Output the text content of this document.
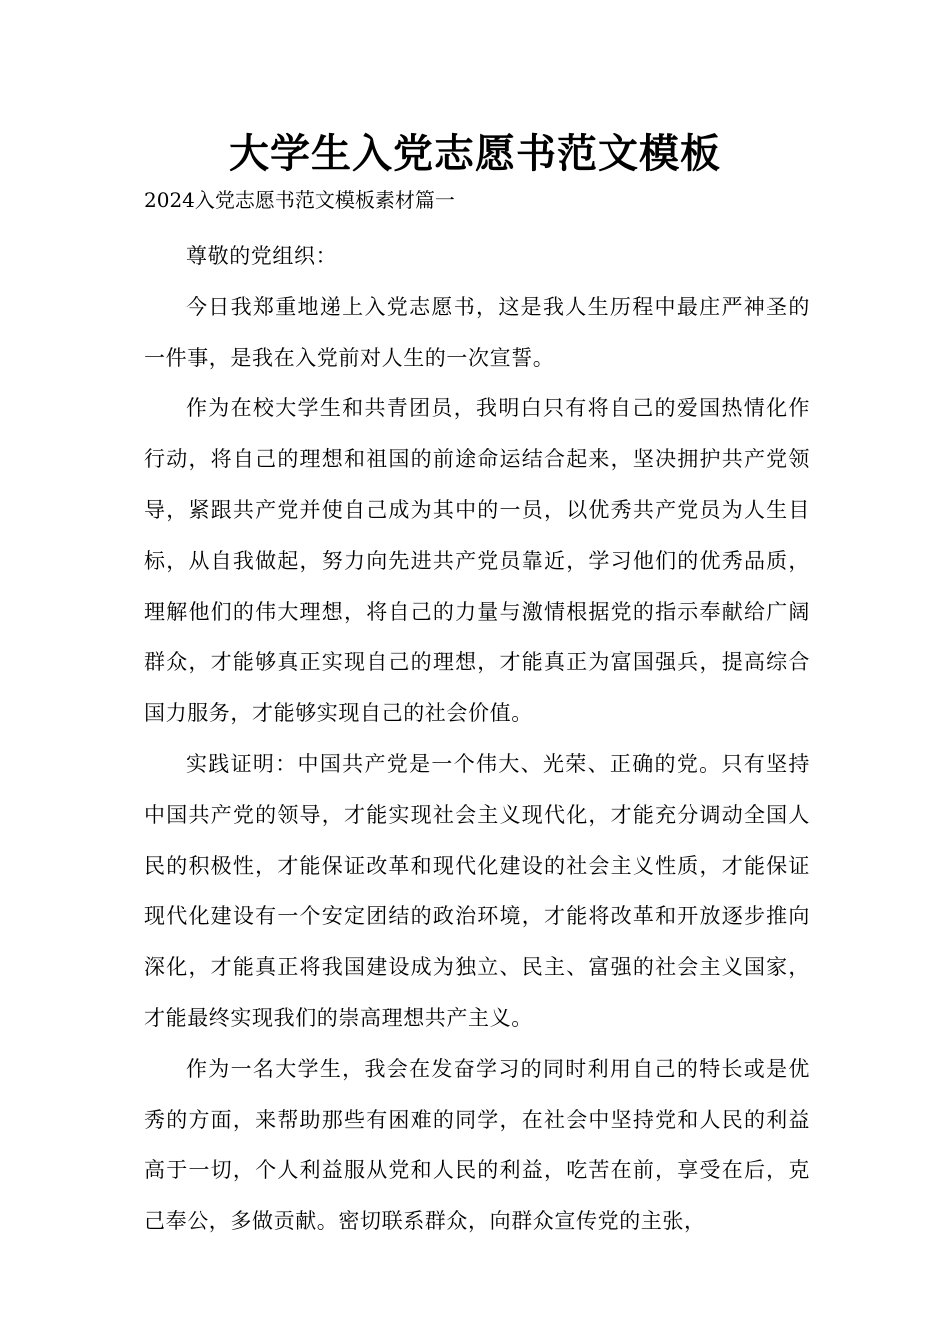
大学生入党志愿书范文模板

2024入党志愿书范文模板素材篇一

尊敬的党组织：

今日我郑重地递上入党志愿书，这是我人生历程中最庄严神圣的一件事，是我在入党前对人生的一次宣誓。

作为在校大学生和共青团员，我明白只有将自己的爱国热情化作行动，将自己的理想和祖国的前途命运结合起来，坚决拥护共产党领导，紧跟共产党并使自己成为其中的一员，以优秀共产党员为人生目标，从自我做起，努力向先进共产党员靠近，学习他们的优秀品质，理解他们的伟大理想，将自己的力量与激情根据党的指示奉献给广阔群众，才能够真正实现自己的理想，才能真正为富国强兵，提高综合国力服务，才能够实现自己的社会价值。

实践证明：中国共产党是一个伟大、光荣、正确的党。只有坚持中国共产党的领导，才能实现社会主义现代化，才能充分调动全国人民的积极性，才能保证改革和现代化建设的社会主义性质，才能保证现代化建设有一个安定团结的政治环境，才能将改革和开放逐步推向深化，才能真正将我国建设成为独立、民主、富强的社会主义国家，才能最终实现我们的崇高理想共产主义。

作为一名大学生，我会在发奋学习的同时利用自己的特长或是优秀的方面，来帮助那些有困难的同学，在社会中坚持党和人民的利益高于一切，个人利益服从党和人民的利益，吃苦在前，享受在后，克己奉公，多做贡献。密切联系群众，向群众宣传党的主张，
